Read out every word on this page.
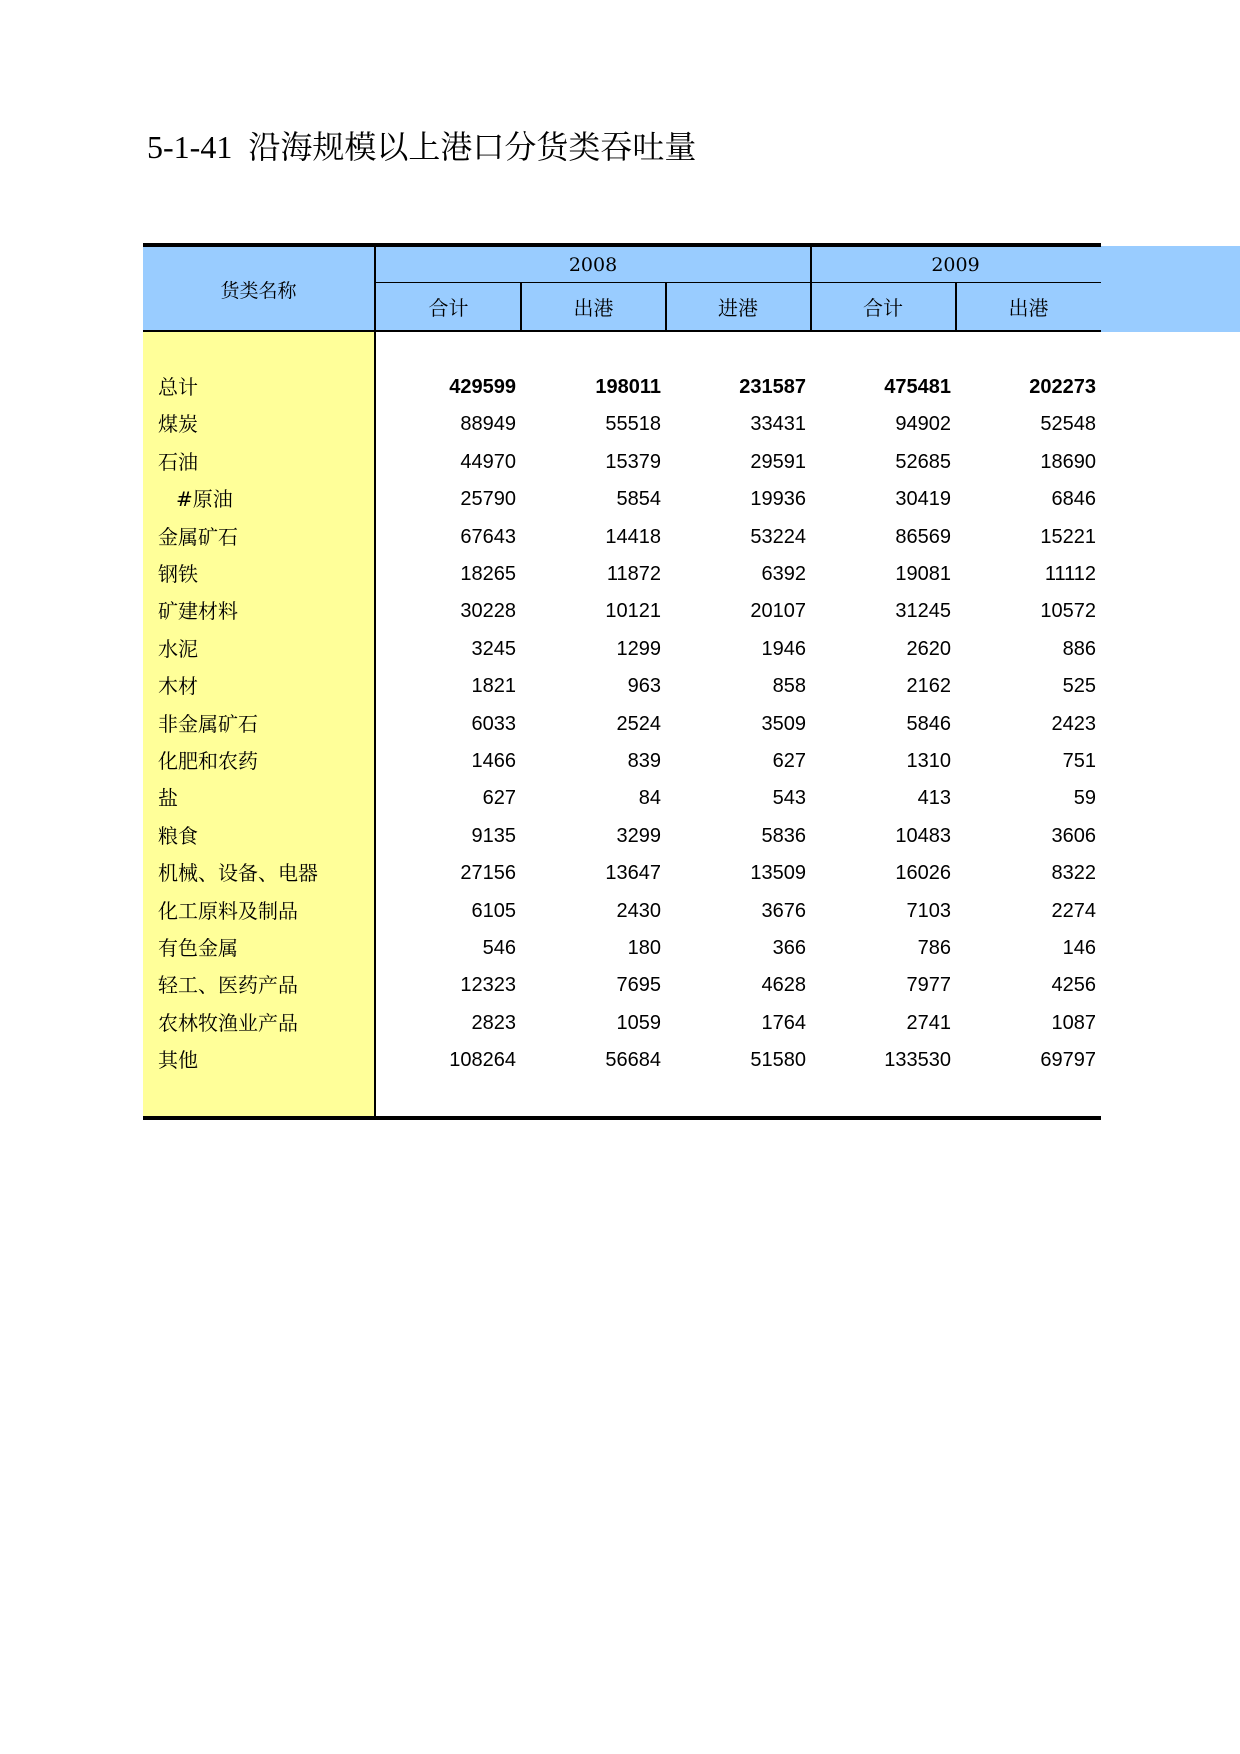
5-1-41 沿海规模以上港口分货类吞吐量
货类名称
2008	2009
合计	出港	进港	合计	出港
总计	429599	198011	231587	475481	202273
煤炭	88949	55518	33431	94902	52548
石油	44970	15379	29591	52685	18690
#原油	25790	5854	19936	30419	6846
金属矿石	67643	14418	53224	86569	15221
钢铁	18265	11872	6392	19081	11112
矿建材料	30228	10121	20107	31245	10572
水泥	3245	1299	1946	2620	886
木材	1821	963	858	2162	525
非金属矿石	6033	2524	3509	5846	2423
化肥和农药	1466	839	627	1310	751
盐	627	84	543	413	59
粮食	9135	3299	5836	10483	3606
机械、设备、电器	27156	13647	13509	16026	8322
化工原料及制品	6105	2430	3676	7103	2274
有色金属	546	180	366	786	146
轻工、医药产品	12323	7695	4628	7977	4256
农林牧渔业产品	2823	1059	1764	2741	1087
其他	108264	56684	51580	133530	69797
